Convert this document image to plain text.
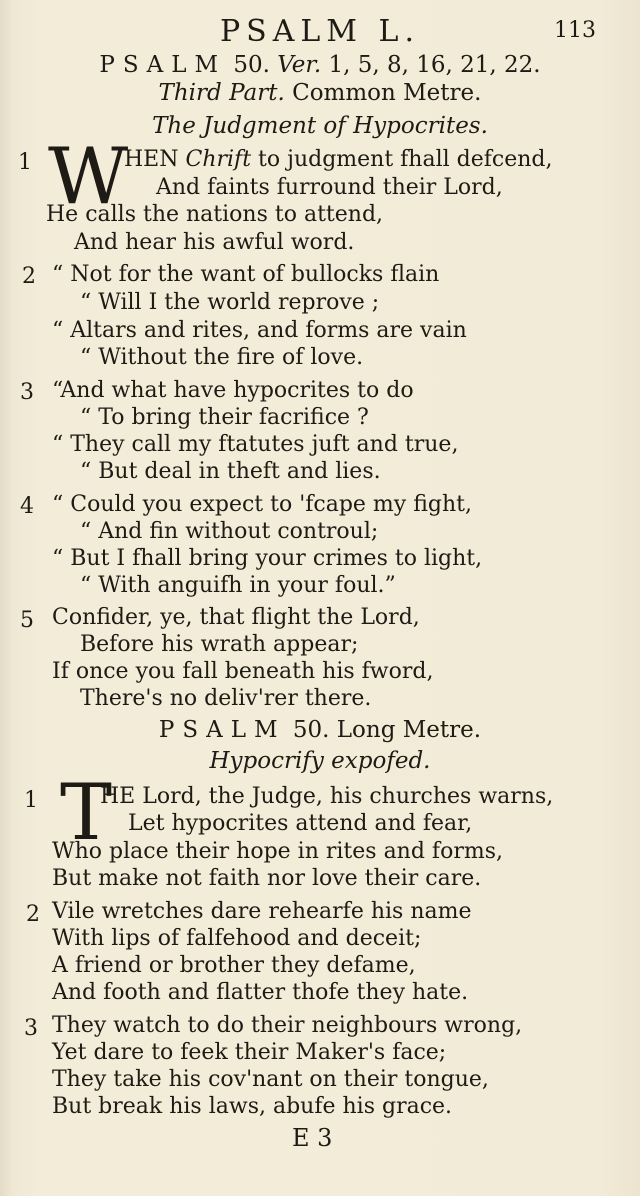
PSALM L.	113
PSALM 50. Ver. 1, 5, 8, 16, 21, 22.
Third Part. Common Metre.
The Judgment of Hypocrites.
1 W
HEN Chrift to judgment fhall defcend,
And faints furround their Lord,
He calls the nations to attend,
And hear his awful word.
2 “ Not for the want of bullocks flain
“ Will I the world reprove ;
“ Altars and rites, and forms are vain
“ Without the fire of love.
3 “And what have hypocrites to do
“ To bring their facrifice ?
“ They call my ftatutes juft and true,
“ But deal in theft and lies.
4 “ Could you expect to 'fcape my fight,
“ And fin without controul;
“ But I fhall bring your crimes to light,
“ With anguifh in your foul.”
5 Confider, ye, that flight the Lord,
Before his wrath appear;
If once you fall beneath his fword,
There's no deliv'rer there.
PSALM 50. Long Metre.
Hypocrify expofed.
1 T
HE Lord, the Judge, his churches warns,
Let hypocrites attend and fear,
Who place their hope in rites and forms,
But make not faith nor love their care.
2 Vile wretches dare rehearfe his name
With lips of falfehood and deceit;
A friend or brother they defame,
And footh and flatter thofe they hate.
3 They watch to do their neighbours wrong,
Yet dare to feek their Maker's face;
They take his cov'nant on their tongue,
But break his laws, abufe his grace.
E 3
